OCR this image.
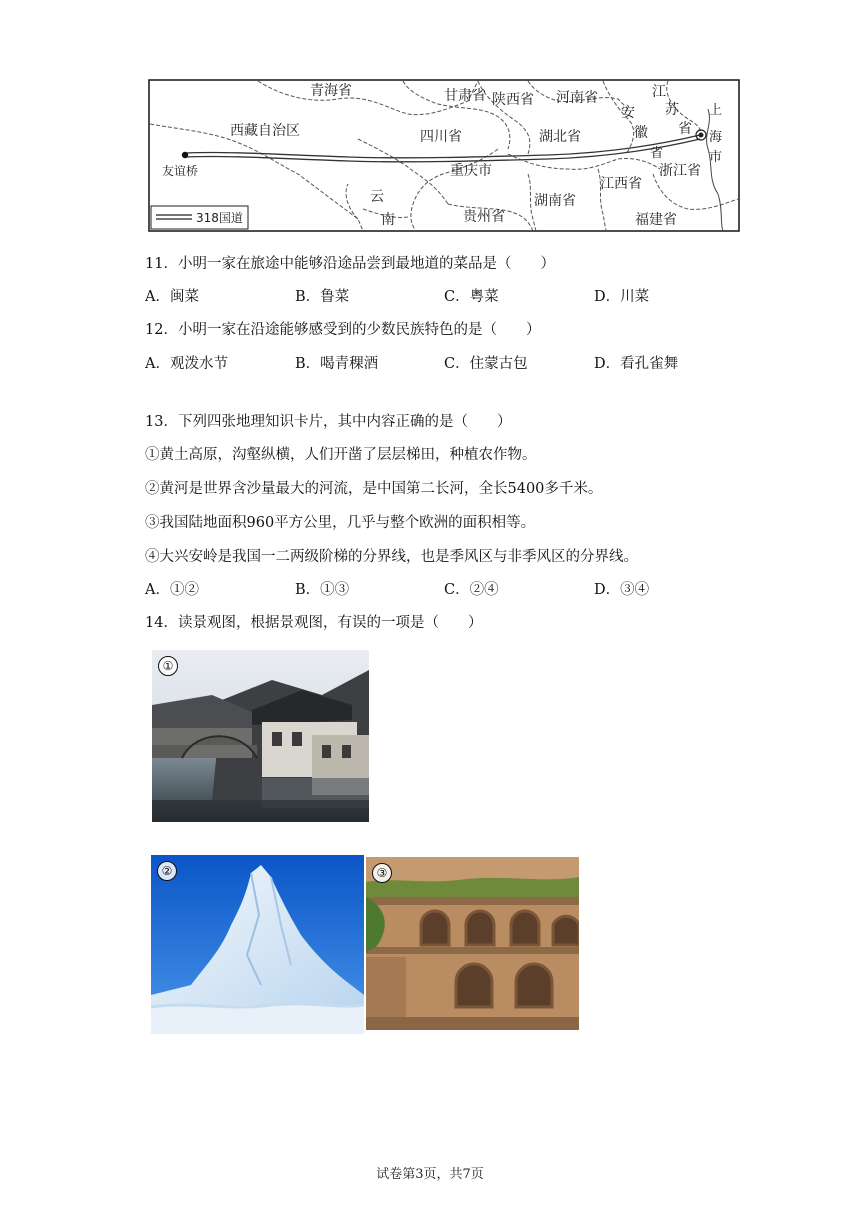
青海省	甘肃省 陕西省 河南省
安
徽
江
苏
省
上
海
市
西藏自治区	四川省	湖北省
重庆市
省
浙江省
江西省
湖南省
贵州省
云
南	福建省
友谊桥
318国道
11．小明一家在旅途中能够沿途品尝到最地道的菜品是（　　）
A．闽菜	B．鲁菜	C．粤菜	D．川菜
12．小明一家在沿途能够感受到的少数民族特色的是（　　）
A．观泼水节	B．喝青稞酒	C．住蒙古包	D．看孔雀舞
13．下列四张地理知识卡片，其中内容正确的是（　　）
①黄土高原，沟壑纵横，人们开凿了层层梯田，种植农作物。
②黄河是世界含沙量最大的河流，是中国第二长河，全长5400多千米。
③我国陆地面积960平方公里，几乎与整个欧洲的面积相等。
④大兴安岭是我国一二两级阶梯的分界线，也是季风区与非季风区的分界线。
A．①②	B．①③	C．②④	D．③④
14．读景观图，根据景观图，有误的一项是（　　）
①
②	③
试卷第3页，共7页
